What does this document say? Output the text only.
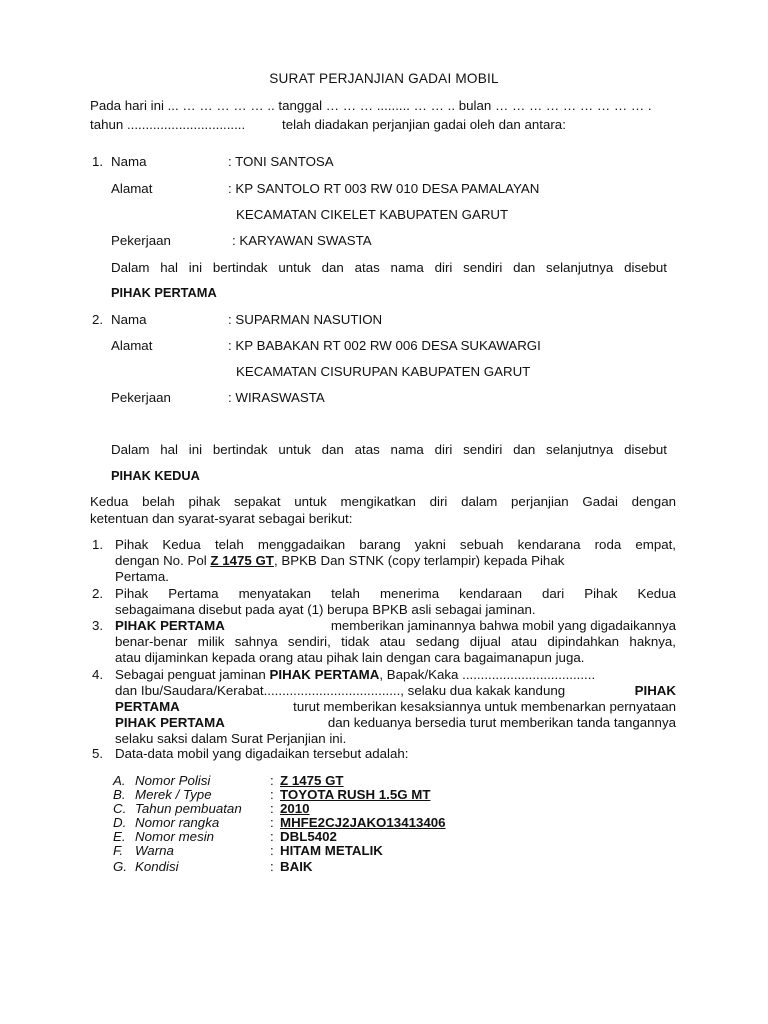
SURAT PERJANJIAN GADAI MOBIL
Pada hari ini ... … … … … … .. tanggal … … … ......... … … .. bulan … … … … … … … … … .
tahun ................................	telah diadakan perjanjian gadai oleh dan antara:
1. Nama	: TONI SANTOSA
Alamat	: KP SANTOLO RT 003 RW 010 DESA PAMALAYAN
KECAMATAN CIKELET KABUPATEN GARUT
Pekerjaan	: KARYAWAN SWASTA
Dalam hal ini bertindak untuk dan atas nama diri sendiri dan selanjutnya disebut
PIHAK PERTAMA
2. Nama	: SUPARMAN NASUTION
Alamat	: KP BABAKAN RT 002 RW 006 DESA SUKAWARGI
KECAMATAN CISURUPAN KABUPATEN GARUT
Pekerjaan	: WIRASWASTA
Dalam hal ini bertindak untuk dan atas nama diri sendiri dan selanjutnya disebut
PIHAK KEDUA
Kedua belah pihak sepakat untuk mengikatkan diri dalam perjanjian Gadai dengan
ketentuan dan syarat-syarat sebagai berikut:
1. Pihak Kedua telah menggadaikan barang yakni sebuah kendarana roda empat,
dengan No. Pol Z 1475 GT, BPKB Dan STNK (copy terlampir) kepada Pihak
Pertama.
2. Pihak Pertama menyatakan telah menerima kendaraan dari Pihak Kedua
sebagaimana disebut pada ayat (1) berupa BPKB asli sebagai jaminan.
3. PIHAK PERTAMA	memberikan jaminannya bahwa mobil yang digadaikannya
benar-benar milik sahnya sendiri, tidak atau sedang dijual atau dipindahkan haknya,
atau dijaminkan kepada orang atau pihak lain dengan cara bagaimanapun juga.
4. Sebagai penguat jaminan PIHAK PERTAMA, Bapak/Kaka ....................................
dan Ibu/Saudara/Kerabat....................................., selaku dua kakak kandung	PIHAK
PERTAMA	turut memberikan kesaksiannya untuk membenarkan pernyataan
PIHAK PERTAMA	dan keduanya bersedia turut memberikan tanda tangannya
selaku saksi dalam Surat Perjanjian ini.
5. Data-data mobil yang digadaikan tersebut adalah:
A. Nomor Polisi	: Z 1475 GT
B. Merek / Type	: TOYOTA RUSH 1.5G MT
C. Tahun pembuatan : 2010
D. Nomor rangka	: MHFE2CJ2JAKO13413406
E. Nomor mesin	: DBL5402
F. Warna	: HITAM METALIK
G. Kondisi	: BAIK
